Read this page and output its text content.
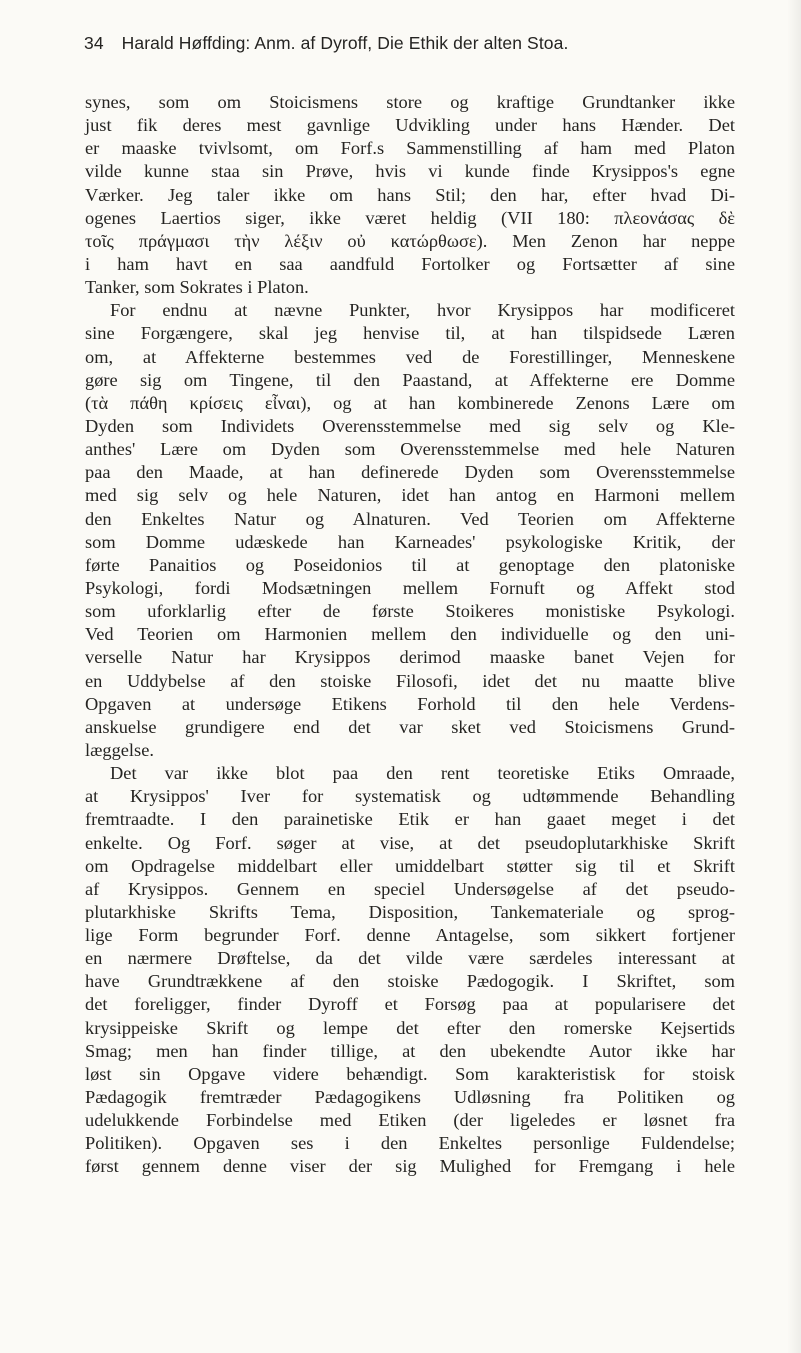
34 Harald Høffding: Anm. af Dyroff, Die Ethik der alten Stoa.
synes, som om Stoicismens store og kraftige Grundtanker ikke
just fik deres mest gavnlige Udvikling under hans Hænder. Det
er maaske tvivlsomt, om Forf.s Sammenstilling af ham med Platon
vilde kunne staa sin Prøve, hvis vi kunde finde Krysippos's egne
Værker. Jeg taler ikke om hans Stil; den har, efter hvad Di-
ogenes Laertios siger, ikke været heldig (VII 180: πλεονάσας δὲ
τοῖς πράγμασι τὴν λέξιν οὐ κατώρθωσε). Men Zenon har neppe
i ham havt en saa aandfuld Fortolker og Fortsætter af sine
Tanker, som Sokrates i Platon.
For endnu at nævne Punkter, hvor Krysippos har modificeret
sine Forgængere, skal jeg henvise til, at han tilspidsede Læren
om, at Affekterne bestemmes ved de Forestillinger, Menneskene
gøre sig om Tingene, til den Paastand, at Affekterne ere Domme
(τὰ πάθη κρίσεις εἶναι), og at han kombinerede Zenons Lære om
Dyden som Individets Overensstemmelse med sig selv og Kle-
anthes' Lære om Dyden som Overensstemmelse med hele Naturen
paa den Maade, at han definerede Dyden som Overensstemmelse
med sig selv og hele Naturen, idet han antog en Harmoni mellem
den Enkeltes Natur og Alnaturen. Ved Teorien om Affekterne
som Domme udæskede han Karneades' psykologiske Kritik, der
førte Panaitios og Poseidonios til at genoptage den platoniske
Psykologi, fordi Modsætningen mellem Fornuft og Affekt stod
som uforklarlig efter de første Stoikeres monistiske Psykologi.
Ved Teorien om Harmonien mellem den individuelle og den uni-
verselle Natur har Krysippos derimod maaske banet Vejen for
en Uddybelse af den stoiske Filosofi, idet det nu maatte blive
Opgaven at undersøge Etikens Forhold til den hele Verdens-
anskuelse grundigere end det var sket ved Stoicismens Grund-
læggelse.
Det var ikke blot paa den rent teoretiske Etiks Omraade,
at Krysippos' Iver for systematisk og udtømmende Behandling
fremtraadte. I den parainetiske Etik er han gaaet meget i det
enkelte. Og Forf. søger at vise, at det pseudoplutarkhiske Skrift
om Opdragelse middelbart eller umiddelbart støtter sig til et Skrift
af Krysippos. Gennem en speciel Undersøgelse af det pseudo-
plutarkhiske Skrifts Tema, Disposition, Tankemateriale og sprog-
lige Form begrunder Forf. denne Antagelse, som sikkert fortjener
en nærmere Drøftelse, da det vilde være særdeles interessant at
have Grundtrækkene af den stoiske Pædogogik. I Skriftet, som
det foreligger, finder Dyroff et Forsøg paa at popularisere det
krysippeiske Skrift og lempe det efter den romerske Kejsertids
Smag; men han finder tillige, at den ubekendte Autor ikke har
løst sin Opgave videre behændigt. Som karakteristisk for stoisk
Pædagogik fremtræder Pædagogikens Udløsning fra Politiken og
udelukkende Forbindelse med Etiken (der ligeledes er løsnet fra
Politiken). Opgaven ses i den Enkeltes personlige Fuldendelse;
først gennem denne viser der sig Mulighed for Fremgang i hele
